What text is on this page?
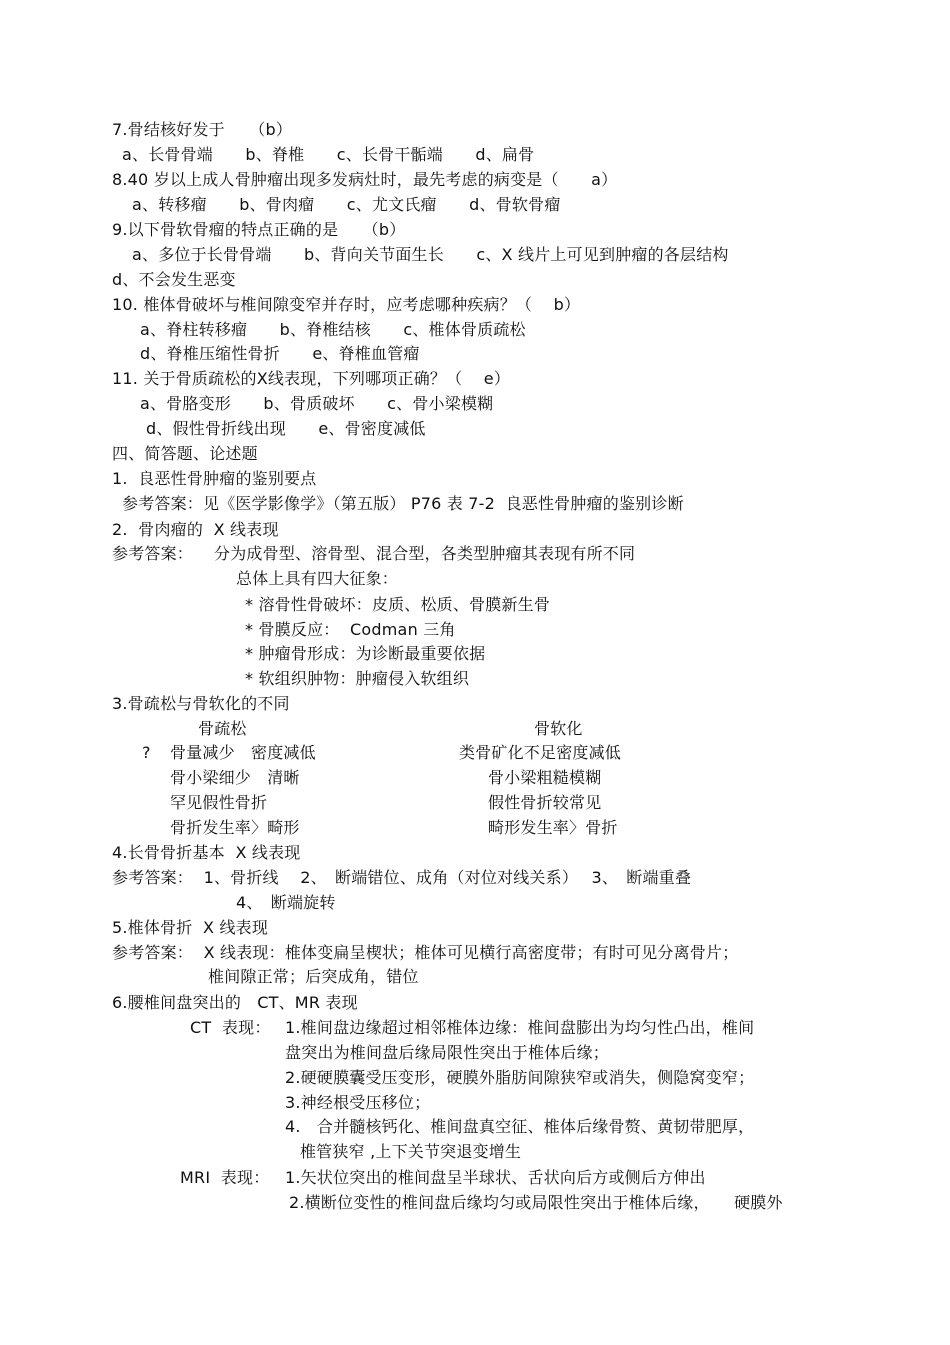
7.骨结核好发于　　（b）
a、长骨骨端　　b、脊椎　　c、长骨干骺端　　d、扁骨
8.40 岁以上成人骨肿瘤出现多发病灶时，最先考虑的病变是（　　a）
a、转移瘤　　b、骨肉瘤　　c、尤文氏瘤　　d、骨软骨瘤
9.以下骨软骨瘤的特点正确的是　　（b）
a、多位于长骨骨端　　b、背向关节面生长　　c、X 线片上可见到肿瘤的各层结构
d、不会发生恶变
10. 椎体骨破坏与椎间隙变窄并存时，应考虑哪种疾病？（　 b）
a、脊柱转移瘤　　b、脊椎结核　　c、椎体骨质疏松
d、脊椎压缩性骨折　　e、脊椎血管瘤
11. 关于骨质疏松的X线表现，下列哪项正确？（　 e）
a、骨胳变形　　b、骨质破坏　　c、骨小梁模糊
d、假性骨折线出现　　e、骨密度减低
四、简答题、论述题
1.  良恶性骨肿瘤的鉴别要点
参考答案：见《医学影像学》（第五版） P76 表 7-2  良恶性骨肿瘤的鉴别诊断
2.  骨肉瘤的  X 线表现
参考答案： 分为成骨型、溶骨型、混合型，各类型肿瘤其表现有所不同
总体上具有四大征象：
* 溶骨性骨破坏：皮质、松质、骨膜新生骨
* 骨膜反应：  Codman 三角
* 肿瘤骨形成：为诊断最重要依据
* 软组织肿物：肿瘤侵入软组织
3.骨疏松与骨软化的不同
骨疏松	骨软化
? 骨量减少　密度减低	类骨矿化不足密度减低
骨小梁细少　清晰	骨小梁粗糙模糊
罕见假性骨折	假性骨折较常见
骨折发生率〉畸形	畸形发生率〉骨折
4.长骨骨折基本  X 线表现
参考答案：  1、骨折线　 2、　断端错位、成角（对位对线关系）　 3、　断端重叠
4、　断端旋转
5.椎体骨折  X 线表现
参考答案：  X 线表现：椎体变扁呈楔状；椎体可见横行高密度带；有时可见分离骨片；
椎间隙正常；后突成角，错位
6.腰椎间盘突出的　CT、MR 表现
CT  表现： 1.椎间盘边缘超过相邻椎体边缘：椎间盘膨出为均匀性凸出，椎间
盘突出为椎间盘后缘局限性突出于椎体后缘；
2.硬硬膜囊受压变形，硬膜外脂肪间隙狭窄或消失，侧隐窝变窄；
3.神经根受压移位；
4.　合并髓核钙化、椎间盘真空征、椎体后缘骨赘、黄韧带肥厚，
椎管狭窄 ,上下关节突退变增生
MRI  表现： 1.矢状位突出的椎间盘呈半球状、舌状向后方或侧后方伸出
2.横断位变性的椎间盘后缘均匀或局限性突出于椎体后缘，　　硬膜外
